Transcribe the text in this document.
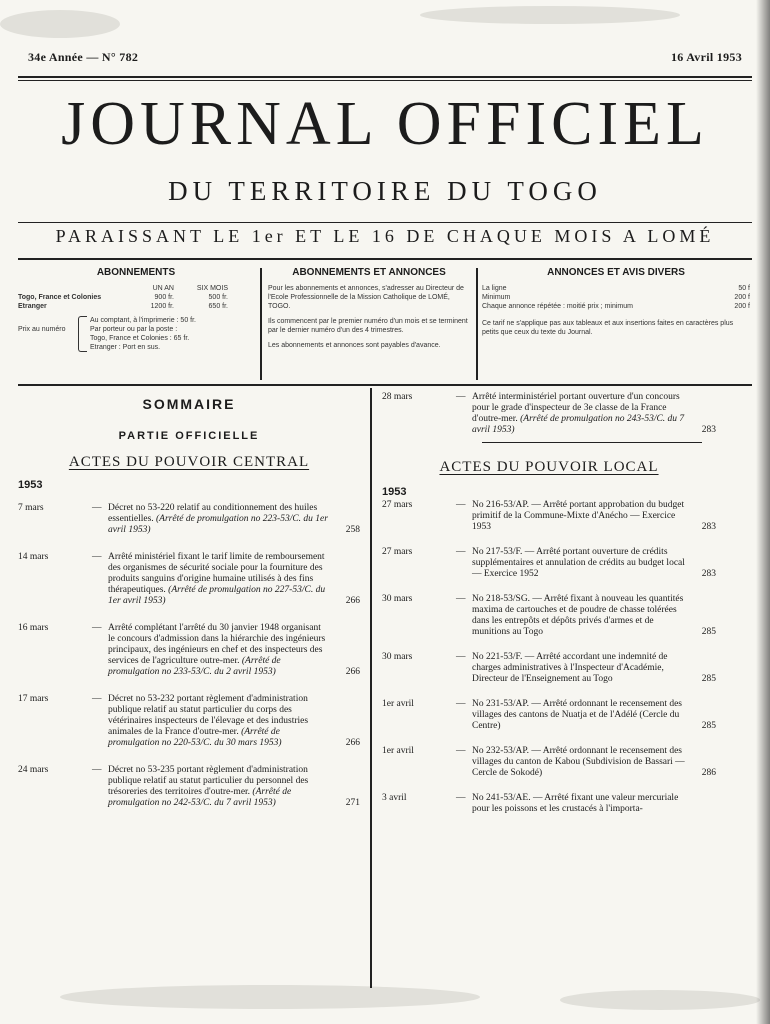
34e Année — N° 782	16 Avril 1953
JOURNAL OFFICIEL
DU TERRITOIRE DU TOGO
PARAISSANT LE 1er ET LE 16 DE CHAQUE MOIS A LOMÉ
ABONNEMENTS
UN AN	SIX MOIS
Togo, France et Colonies	900 fr.	500 fr.
Etranger	1200 fr.	650 fr.
Prix au numéro
Au comptant, à l'imprimerie : 50 fr.
Par porteur ou par la poste :
Togo, France et Colonies : 65 fr.
Etranger : Port en sus.
ABONNEMENTS ET ANNONCES
Pour les abonnements et annonces, s'adresser au Directeur de l'Ecole Professionnelle de la Mission Catholique de LOMÉ, TOGO.
Ils commencent par le premier numéro d'un mois et se terminent par le dernier numéro d'un des 4 trimestres.
Les abonnements et annonces sont payables d'avance.
ANNONCES ET AVIS DIVERS
La ligne	50 f
Minimum	200 f
Chaque annonce répétée : moitié prix ; minimum	200 f
Ce tarif ne s'applique pas aux tableaux et aux insertions faites en caractères plus petits que ceux du texte du Journal.
SOMMAIRE
PARTIE OFFICIELLE
ACTES DU POUVOIR CENTRAL
1953
7 mars	— Décret no 53-220 relatif au conditionnement des huiles essentielles. (Arrêté de promulgation no 223-53/C. du 1er avril 1953)	258
14 mars	— Arrêté ministériel fixant le tarif limite de remboursement des organismes de sécurité sociale pour la fourniture des produits sanguins d'origine humaine utilisés à des fins thérapeutiques. (Arrêté de promulgation no 227-53/C. du 1er avril 1953)	266
16 mars	— Arrêté complétant l'arrêté du 30 janvier 1948 organisant le concours d'admission dans la hiérarchie des ingénieurs principaux, des ingénieurs en chef et des inspecteurs des services de l'agriculture outre-mer. (Arrêté de promulgation no 233-53/C. du 2 avril 1953)	266
17 mars	— Décret no 53-232 portant règlement d'administration publique relatif au statut particulier du corps des vétérinaires inspecteurs de l'élevage et des industries animales de la France d'outre-mer. (Arrêté de promulgation no 220-53/C. du 30 mars 1953)	266
24 mars	— Décret no 53-235 portant règlement d'administration publique relatif au statut particulier du personnel des trésoreries des territoires d'outre-mer. (Arrêté de promulgation no 242-53/C. du 7 avril 1953)	271
28 mars	— Arrêté interministériel portant ouverture d'un concours pour le grade d'inspecteur de 3e classe de la France d'outre-mer. (Arrêté de promulgation no 243-53/C. du 7 avril 1953)	283
ACTES DU POUVOIR LOCAL
1953
27 mars	— No 216-53/AP. — Arrêté portant approbation du budget primitif de la Commune-Mixte d'Anécho — Exercice 1953	283
27 mars	— No 217-53/F. — Arrêté portant ouverture de crédits supplémentaires et annulation de crédits au budget local — Exercice 1952	283
30 mars	— No 218-53/SG. — Arrêté fixant à nouveau les quantités maxima de cartouches et de poudre de chasse tolérées dans les entrepôts et dépôts privés d'armes et de munitions au Togo	285
30 mars	— No 221-53/F. — Arrêté accordant une indemnité de charges administratives à l'Inspecteur d'Académie, Directeur de l'Enseignement au Togo	285
1er avril	— No 231-53/AP. — Arrêté ordonnant le recensement des villages des cantons de Nuatja et de l'Adélé (Cercle du Centre)	285
1er avril	— No 232-53/AP. — Arrêté ordonnant le recensement des villages du canton de Kabou (Subdivision de Bassari — Cercle de Sokodé)	286
3 avril	— No 241-53/AE. — Arrêté fixant une valeur mercuriale pour les poissons et les crustacés à l'importa-
